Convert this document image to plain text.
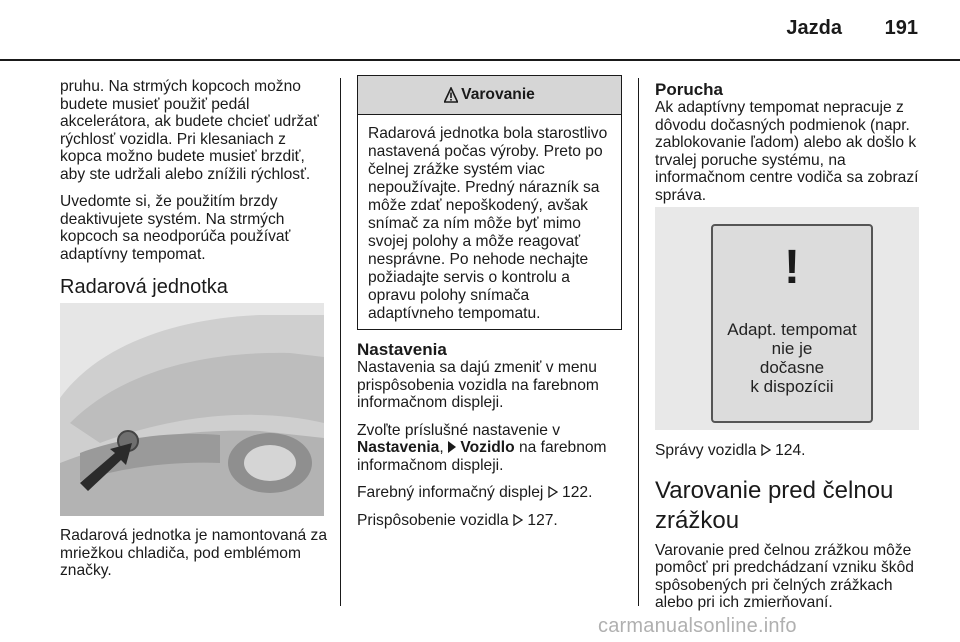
Jazda 191

pruhu. Na strmých kopcoch možno budete musieť použiť pedál akcelerátora, ak budete chcieť udržať rýchlosť vozidla. Pri klesaniach z kopca možno budete musieť brzdiť, aby ste udržali alebo znížili rýchlosť.

Uvedomte si, že použitím brzdy deaktivujete systém. Na strmých kopcoch sa neodporúča používať adaptívny tempomat.

Radarová jednotka

Radarová jednotka je namontovaná za mriežkou chladiča, pod emblémom značky.

Varovanie
Radarová jednotka bola starostlivo nastavená počas výroby. Preto po čelnej zrážke systém viac nepoužívajte. Predný nárazník sa môže zdať nepoškodený, avšak snímač za ním môže byť mimo svojej polohy a môže reagovať nesprávne. Po nehode nechajte požiadajte servis o kontrolu a opravu polohy snímača adaptívneho tempomatu.
Nastavenia

Nastavenia sa dajú zmeniť v menu prispôsobenia vozidla na farebnom informačnom displeji.

Zvoľte príslušné nastavenie v
Nastavenia,  Vozidlo na farebnom informačnom displeji.

Farebný informačný displej 122.

Prispôsobenie vozidla 127.

Porucha

Ak adaptívny tempomat nepracuje z dôvodu dočasných podmienok (napr. zablokovanie ľadom) alebo ak došlo k trvalej poruche systému, na informačnom centre vodiča sa zobrazí správa.

!
Adapt. tempomat
nie je
dočasne
k dispozícii

Správy vozidla 124.

Varovanie pred čelnou zrážkou

Varovanie pred čelnou zrážkou môže pomôcť pri predchádzaní vzniku škôd spôsobených pri čelných zrážkach alebo pri ich zmierňovaní.

carmanualsonline.info
